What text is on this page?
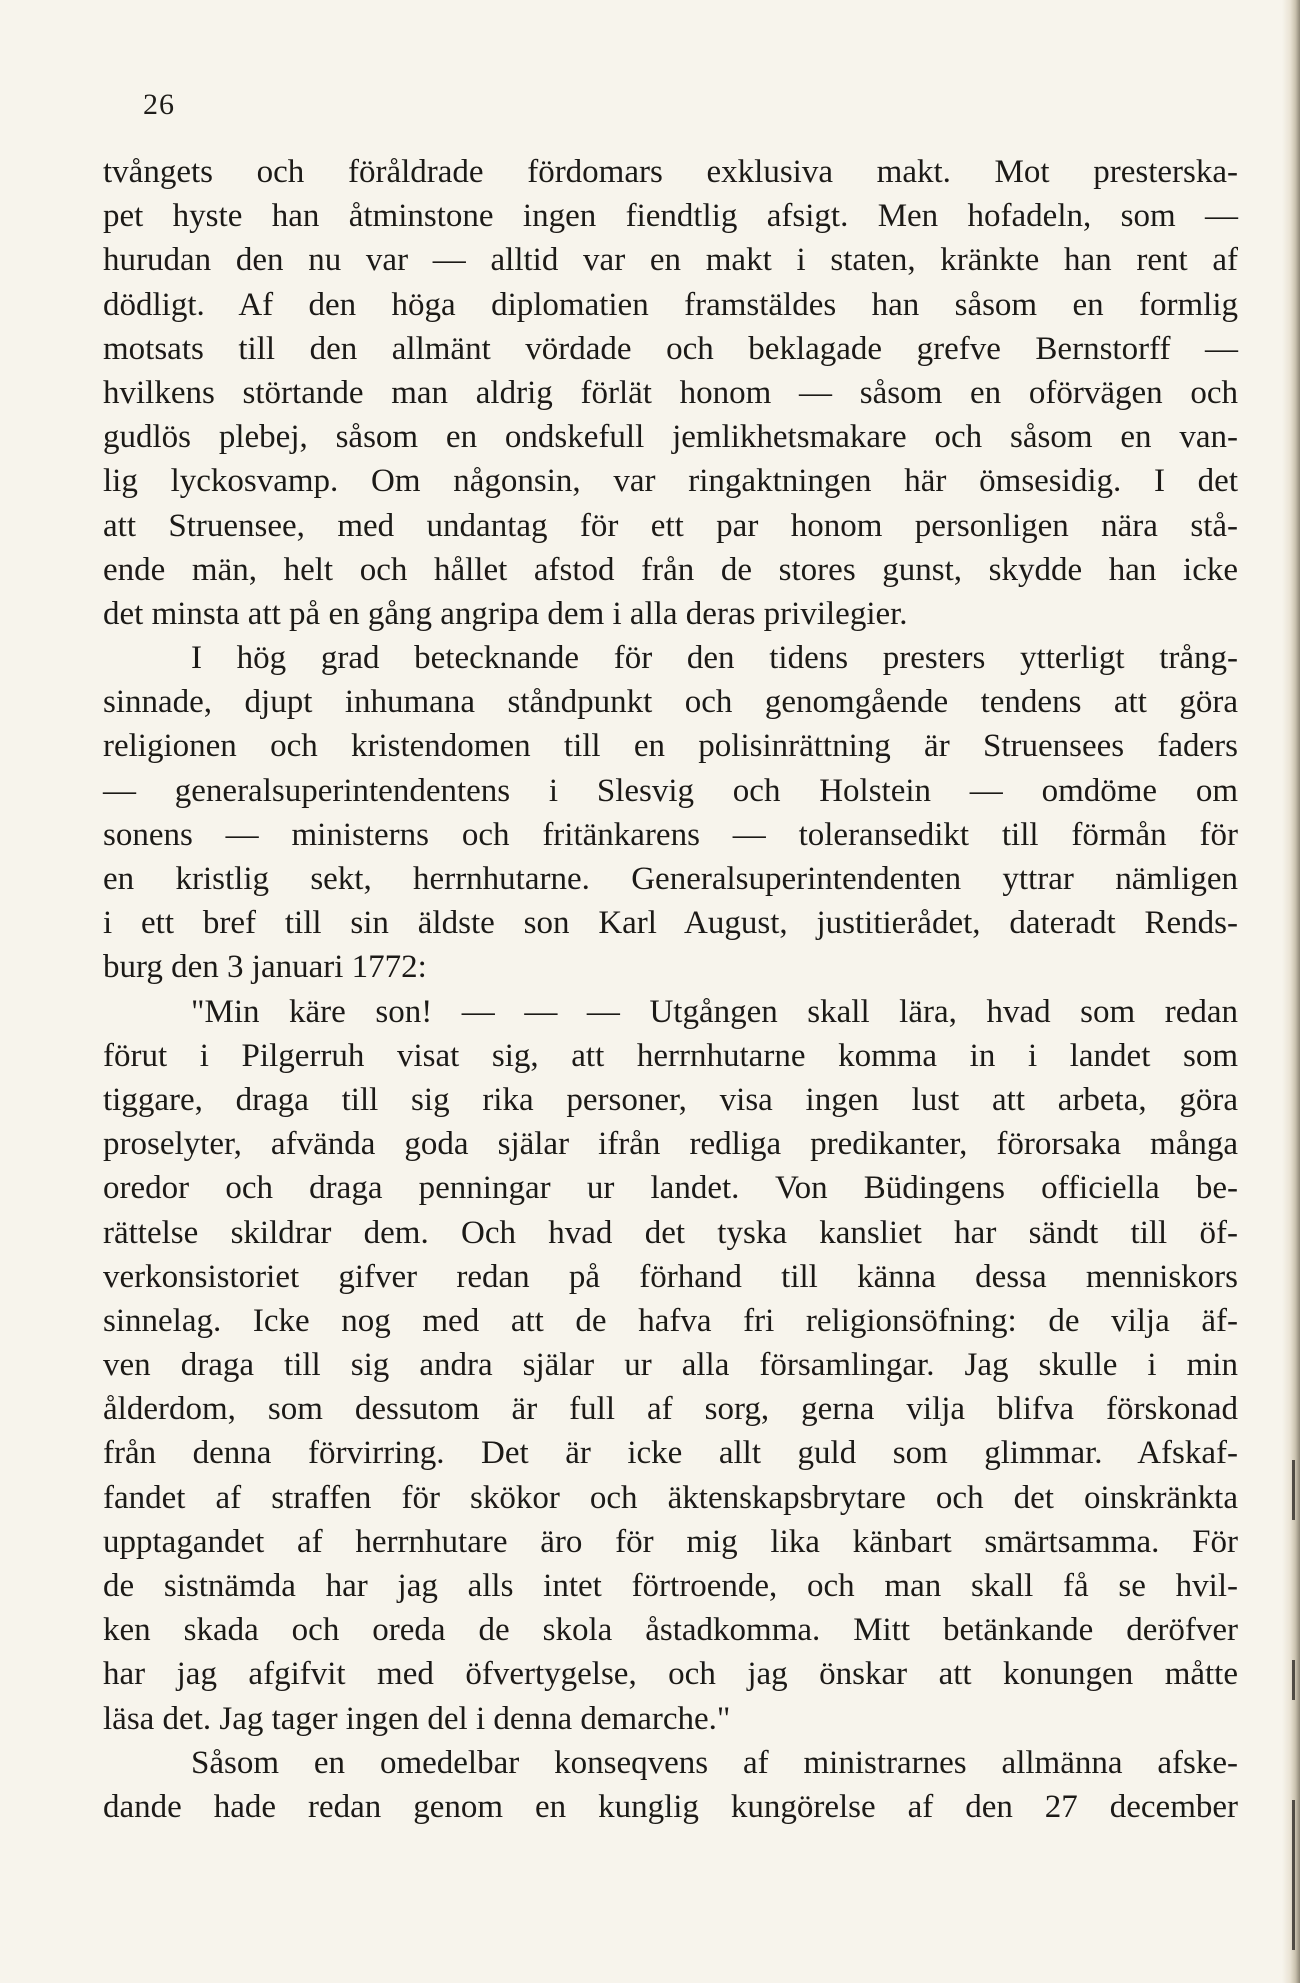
26
tvångets och föråldrade fördomars exklusiva makt. Mot presterska-
pet hyste han åtminstone ingen fiendtlig afsigt. Men hofadeln, som —
hurudan den nu var — alltid var en makt i staten, kränkte han rent af
dödligt. Af den höga diplomatien framstäldes han såsom en formlig
motsats till den allmänt vördade och beklagade grefve Bernstorff —
hvilkens störtande man aldrig förlät honom — såsom en oförvägen och
gudlös plebej, såsom en ondskefull jemlikhetsmakare och såsom en van-
lig lyckosvamp. Om någonsin, var ringaktningen här ömsesidig. I det
att Struensee, med undantag för ett par honom personligen nära stå-
ende män, helt och hållet afstod från de stores gunst, skydde han icke
det minsta att på en gång angripa dem i alla deras privilegier.
I hög grad betecknande för den tidens presters ytterligt trång-
sinnade, djupt inhumana ståndpunkt och genomgående tendens att göra
religionen och kristendomen till en polisinrättning är Struensees faders
— generalsuperintendentens i Slesvig och Holstein — omdöme om
sonens — ministerns och fritänkarens — toleransedikt till förmån för
en kristlig sekt, herrnhutarne. Generalsuperintendenten yttrar nämligen
i ett bref till sin äldste son Karl August, justitierådet, dateradt Rends-
burg den 3 januari 1772:
"Min käre son! — — — Utgången skall lära, hvad som redan
förut i Pilgerruh visat sig, att herrnhutarne komma in i landet som
tiggare, draga till sig rika personer, visa ingen lust att arbeta, göra
proselyter, afvända goda själar ifrån redliga predikanter, förorsaka många
oredor och draga penningar ur landet. Von Büdingens officiella be-
rättelse skildrar dem. Och hvad det tyska kansliet har sändt till öf-
verkonsistoriet gifver redan på förhand till känna dessa menniskors
sinnelag. Icke nog med att de hafva fri religionsöfning: de vilja äf-
ven draga till sig andra själar ur alla församlingar. Jag skulle i min
ålderdom, som dessutom är full af sorg, gerna vilja blifva förskonad
från denna förvirring. Det är icke allt guld som glimmar. Afskaf-
fandet af straffen för skökor och äktenskapsbrytare och det oinskränkta
upptagandet af herrnhutare äro för mig lika känbart smärtsamma. För
de sistnämda har jag alls intet förtroende, och man skall få se hvil-
ken skada och oreda de skola åstadkomma. Mitt betänkande deröfver
har jag afgifvit med öfvertygelse, och jag önskar att konungen måtte
läsa det. Jag tager ingen del i denna demarche."
Såsom en omedelbar konseqvens af ministrarnes allmänna afske-
dande hade redan genom en kunglig kungörelse af den 27 december
